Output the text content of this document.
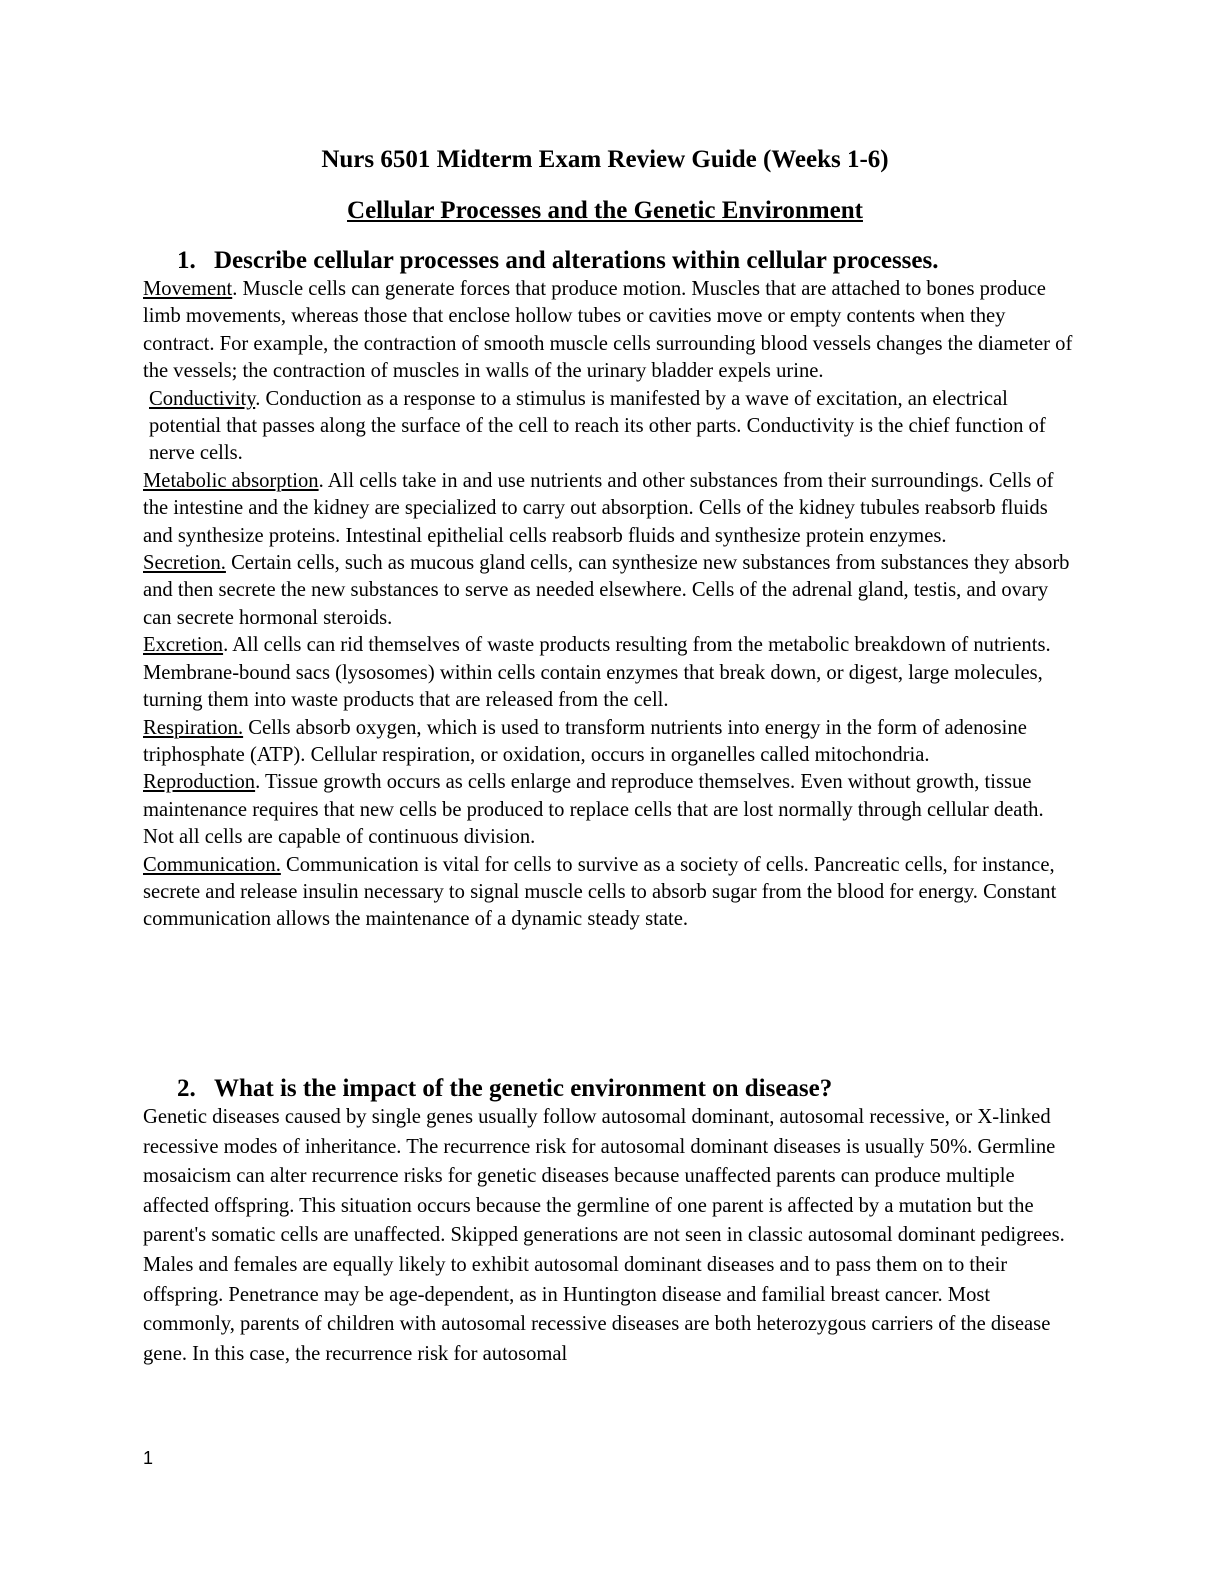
Nurs 6501 Midterm Exam Review Guide (Weeks 1-6)
Cellular Processes and the Genetic Environment
1. Describe cellular processes and alterations within cellular processes.

Movement. Muscle cells can generate forces that produce motion. Muscles that are attached to bones produce limb movements, whereas those that enclose hollow tubes or cavities move or empty contents when they contract. For example, the contraction of smooth muscle cells surrounding blood vessels changes the diameter of the vessels; the contraction of muscles in walls of the urinary bladder expels urine.

Conductivity. Conduction as a response to a stimulus is manifested by a wave of excitation, an electrical potential that passes along the surface of the cell to reach its other parts. Conductivity is the chief function of nerve cells.

Metabolic absorption. All cells take in and use nutrients and other substances from their surroundings. Cells of the intestine and the kidney are specialized to carry out absorption. Cells of the kidney tubules reabsorb fluids and synthesize proteins. Intestinal epithelial cells reabsorb fluids and synthesize protein enzymes.

Secretion. Certain cells, such as mucous gland cells, can synthesize new substances from substances they absorb and then secrete the new substances to serve as needed elsewhere. Cells of the adrenal gland, testis, and ovary can secrete hormonal steroids.

Excretion. All cells can rid themselves of waste products resulting from the metabolic breakdown of nutrients. Membrane-bound sacs (lysosomes) within cells contain enzymes that break down, or digest, large molecules, turning them into waste products that are released from the cell.

Respiration. Cells absorb oxygen, which is used to transform nutrients into energy in the form of adenosine triphosphate (ATP). Cellular respiration, or oxidation, occurs in organelles called mitochondria.

Reproduction. Tissue growth occurs as cells enlarge and reproduce themselves. Even without growth, tissue maintenance requires that new cells be produced to replace cells that are lost normally through cellular death. Not all cells are capable of continuous division.

Communication. Communication is vital for cells to survive as a society of cells. Pancreatic cells, for instance, secrete and release insulin necessary to signal muscle cells to absorb sugar from the blood for energy. Constant communication allows the maintenance of a dynamic steady state.

2. What is the impact of the genetic environment on disease?

Genetic diseases caused by single genes usually follow autosomal dominant, autosomal recessive, or X-linked recessive modes of inheritance. The recurrence risk for autosomal dominant diseases is usually 50%. Germline mosaicism can alter recurrence risks for genetic diseases because unaffected parents can produce multiple affected offspring. This situation occurs because the germline of one parent is affected by a mutation but the parent's somatic cells are unaffected. Skipped generations are not seen in classic autosomal dominant pedigrees. Males and females are equally likely to exhibit autosomal dominant diseases and to pass them on to their offspring. Penetrance may be age-dependent, as in Huntington disease and familial breast cancer. Most commonly, parents of children with autosomal recessive diseases are both heterozygous carriers of the disease gene. In this case, the recurrence risk for autosomal

1
